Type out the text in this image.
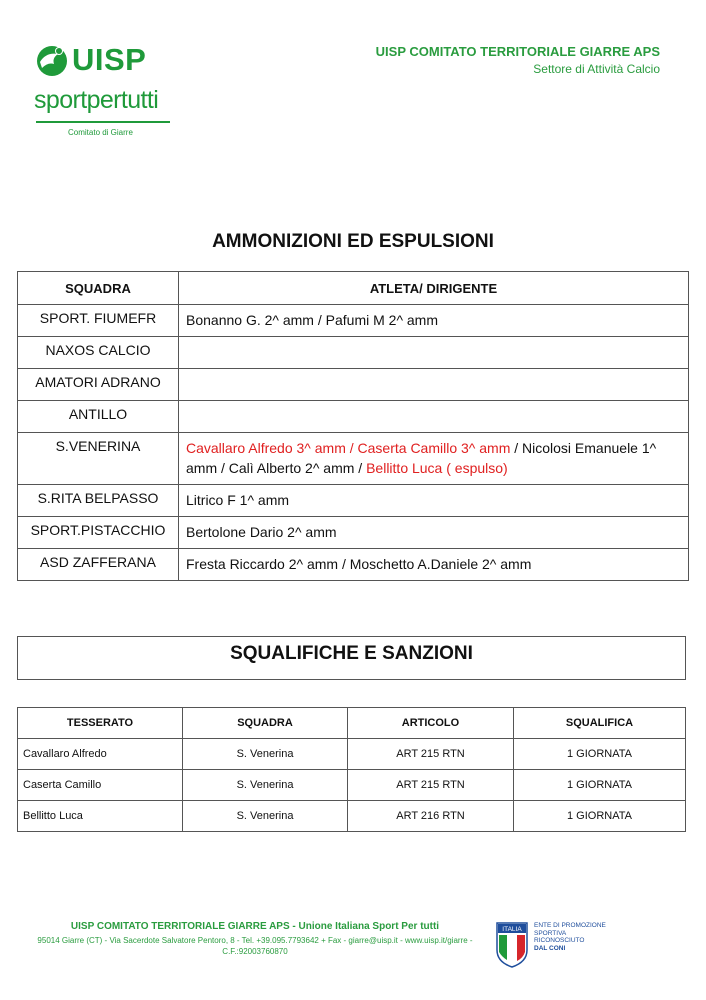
UISP
sportpertutti
Comitato di Giarre
UISP COMITATO TERRITORIALE GIARRE APS
Settore di Attività Calcio
AMMONIZIONI ED ESPULSIONI
SQUADRA	ATLETA/ DIRIGENTE
SPORT. FIUMEFR	Bonanno G. 2^ amm / Pafumi M 2^ amm
NAXOS CALCIO	
AMATORI ADRANO	
ANTILLO	
S.VENERINA	Cavallaro Alfredo 3^ amm / Caserta Camillo 3^ amm / Nicolosi Emanuele 1^ amm / Calì Alberto 2^ amm / Bellitto Luca ( espulso)
S.RITA BELPASSO	Litrico F 1^ amm
SPORT.PISTACCHIO	Bertolone Dario 2^ amm
ASD ZAFFERANA	Fresta Riccardo 2^ amm / Moschetto A.Daniele 2^ amm
SQUALIFICHE E SANZIONI
TESSERATO	SQUADRA	ARTICOLO	SQUALIFICA
Cavallaro Alfredo	S. Venerina	ART 215 RTN	1 GIORNATA
Caserta Camillo	S. Venerina	ART 215 RTN	1 GIORNATA
Bellitto Luca	S. Venerina	ART 216 RTN	1 GIORNATA
UISP COMITATO TERRITORIALE GIARRE APS - Unione Italiana Sport Per tutti
95014 Giarre (CT) - Via Sacerdote Salvatore Pentoro, 8 - Tel. +39.095.7793642 + Fax - giarre@uisp.it - www.uisp.it/giarre -
C.F.:92003760870
ITALIA
ENTE DI PROMOZIONE
SPORTIVA
RICONOSCIUTO
DAL CONI
